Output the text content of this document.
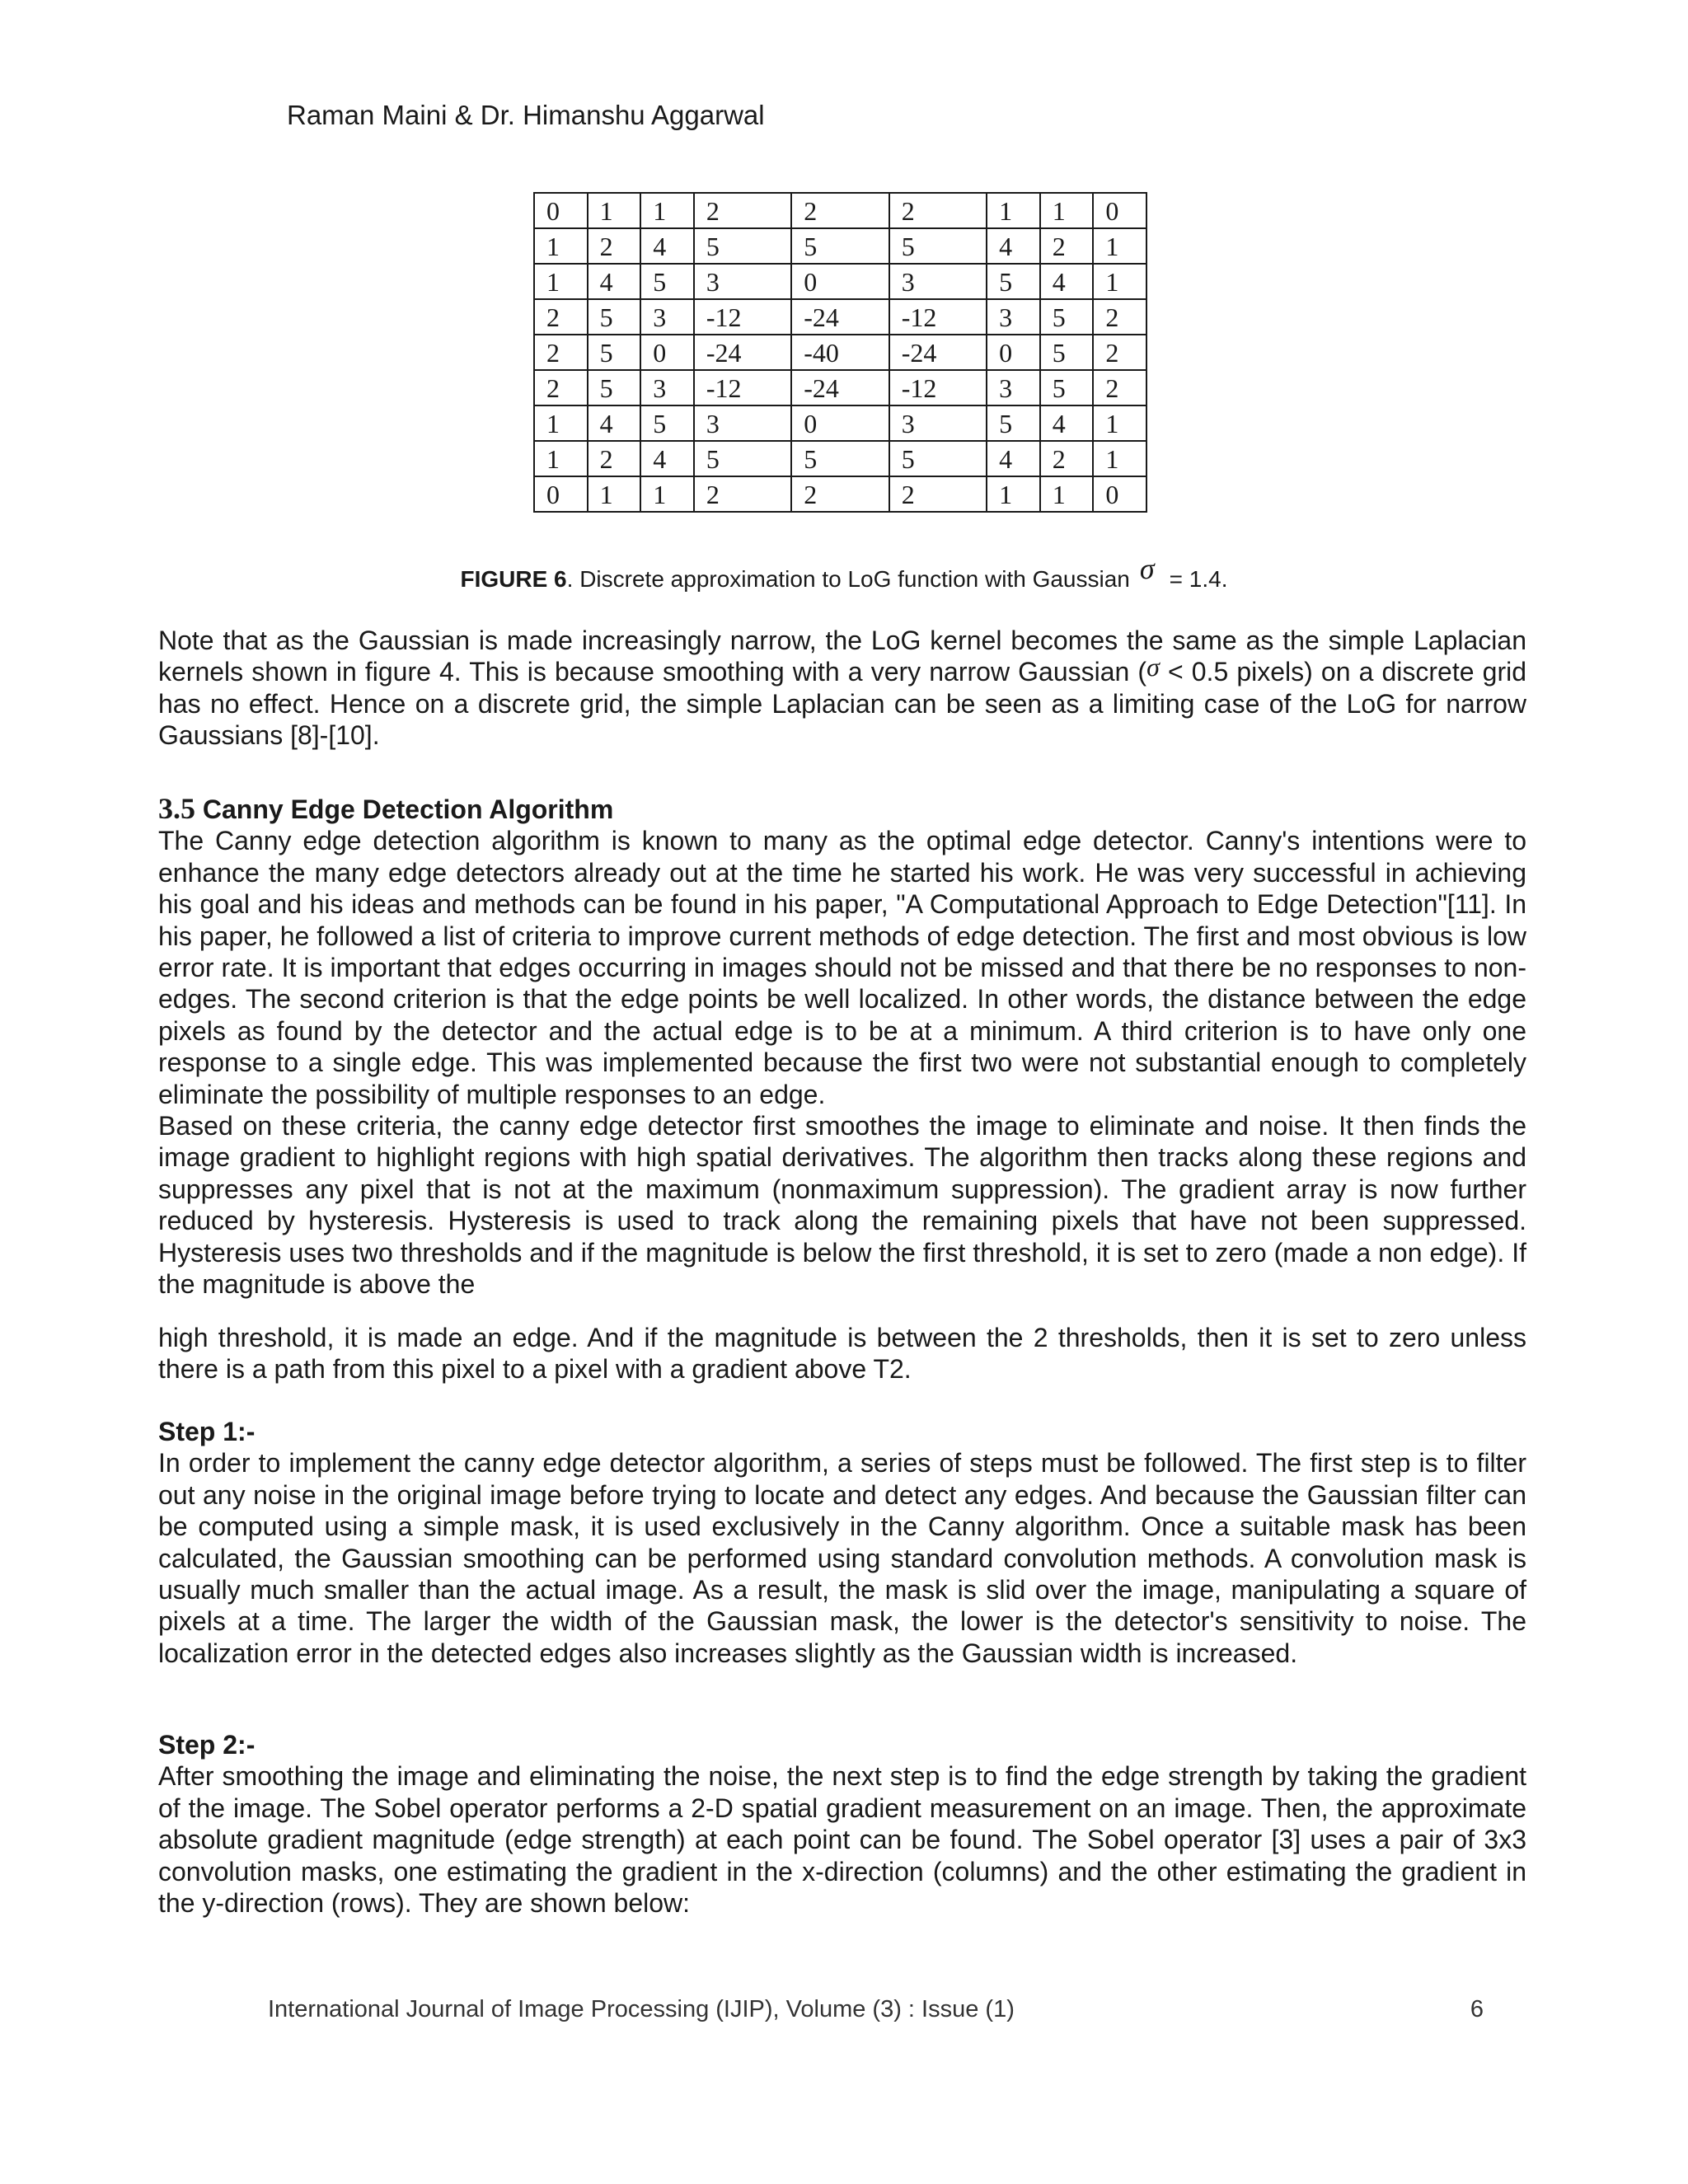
Raman Maini & Dr. Himanshu Aggarwal
0	1	1	2	2	2	1	1	0
1	2	4	5	5	5	4	2	1
1	4	5	3	0	3	5	4	1
2	5	3	-12	-24	-12	3	5	2
2	5	0	-24	-40	-24	0	5	2
2	5	3	-12	-24	-12	3	5	2
1	4	5	3	0	3	5	4	1
1	2	4	5	5	5	4	2	1
0	1	1	2	2	2	1	1	0
FIGURE 6. Discrete approximation to LoG function with Gaussian σ = 1.4.

Note that as the Gaussian is made increasingly narrow, the LoG kernel becomes the same as the simple Laplacian kernels shown in figure 4. This is because smoothing with a very narrow Gaussian (σ < 0.5 pixels) on a discrete grid has no effect. Hence on a discrete grid, the simple Laplacian can be seen as a limiting case of the LoG for narrow Gaussians [8]-[10].

3.5 Canny Edge Detection Algorithm

The Canny edge detection algorithm is known to many as the optimal edge detector. Canny's intentions were to enhance the many edge detectors already out at the time he started his work. He was very successful in achieving his goal and his ideas and methods can be found in his paper, "A Computational Approach to Edge Detection"[11]. In his paper, he followed a list of criteria to improve current methods of edge detection. The first and most obvious is low error rate. It is important that edges occurring in images should not be missed and that there be no responses to non-edges. The second criterion is that the edge points be well localized. In other words, the distance between the edge pixels as found by the detector and the actual edge is to be at a minimum. A third criterion is to have only one response to a single edge. This was implemented because the first two were not substantial enough to completely eliminate the possibility of multiple responses to an edge.

Based on these criteria, the canny edge detector first smoothes the image to eliminate and noise. It then finds the image gradient to highlight regions with high spatial derivatives. The algorithm then tracks along these regions and suppresses any pixel that is not at the maximum (nonmaximum suppression). The gradient array is now further reduced by hysteresis. Hysteresis is used to track along the remaining pixels that have not been suppressed. Hysteresis uses two thresholds and if the magnitude is below the first threshold, it is set to zero (made a non edge). If the magnitude is above the

high threshold, it is made an edge. And if the magnitude is between the 2 thresholds, then it is set to zero unless there is a path from this pixel to a pixel with a gradient above T2.

Step 1:-

In order to implement the canny edge detector algorithm, a series of steps must be followed. The first step is to filter out any noise in the original image before trying to locate and detect any edges. And because the Gaussian filter can be computed using a simple mask, it is used exclusively in the Canny algorithm. Once a suitable mask has been calculated, the Gaussian smoothing can be performed using standard convolution methods. A convolution mask is usually much smaller than the actual image. As a result, the mask is slid over the image, manipulating a square of pixels at a time. The larger the width of the Gaussian mask, the lower is the detector's sensitivity to noise. The localization error in the detected edges also increases slightly as the Gaussian width is increased.

Step 2:-

After smoothing the image and eliminating the noise, the next step is to find the edge strength by taking the gradient of the image. The Sobel operator performs a 2-D spatial gradient measurement on an image. Then, the approximate absolute gradient magnitude (edge strength) at each point can be found. The Sobel operator [3] uses a pair of 3x3 convolution masks, one estimating the gradient in the x-direction (columns) and the other estimating the gradient in the y-direction (rows). They are shown below:

International Journal of Image Processing (IJIP), Volume (3) : Issue (1)	6
